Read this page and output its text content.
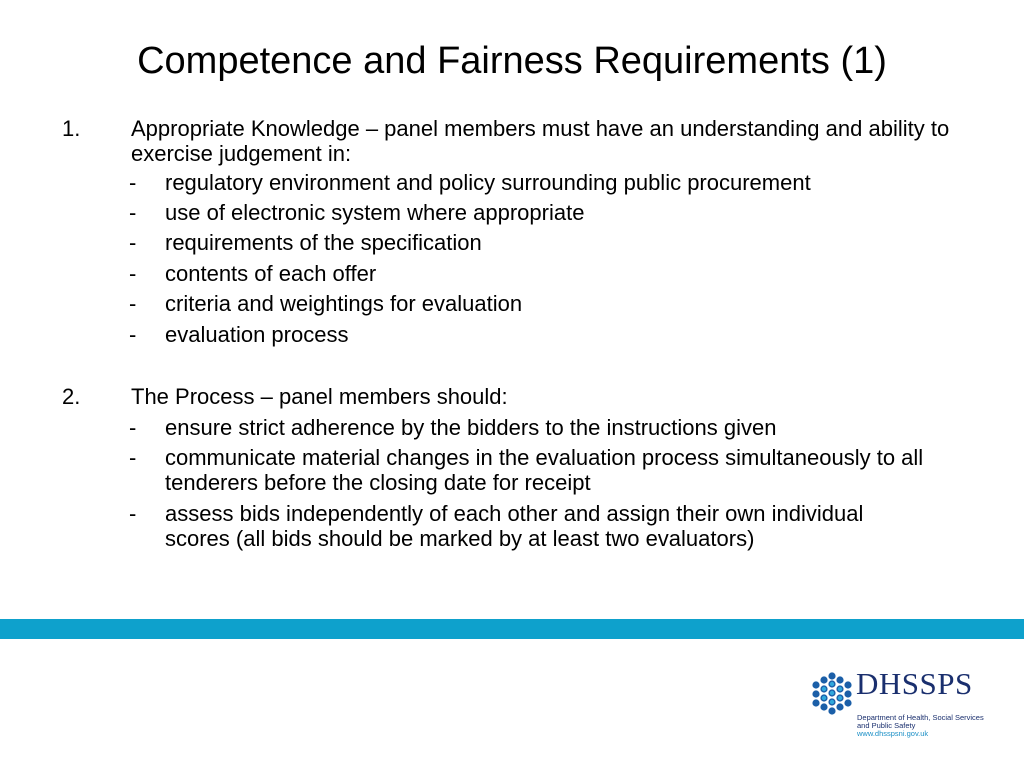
Competence and Fairness Requirements (1)
1. Appropriate Knowledge – panel members must have an understanding and ability to exercise judgement in:
- regulatory environment and policy surrounding public procurement
- use of electronic system where appropriate
- requirements of the specification
- contents of each offer
- criteria and weightings for evaluation
- evaluation process
2. The Process – panel members should:
- ensure strict adherence by the bidders to the instructions given
- communicate material changes in the evaluation process simultaneously to all tenderers before the closing date for receipt
- assess bids independently of each other and assign their own individual scores (all bids should be marked by at least two evaluators)
DHSSPS
Department of Health, Social Services
and Public Safety
www.dhsspsni.gov.uk
